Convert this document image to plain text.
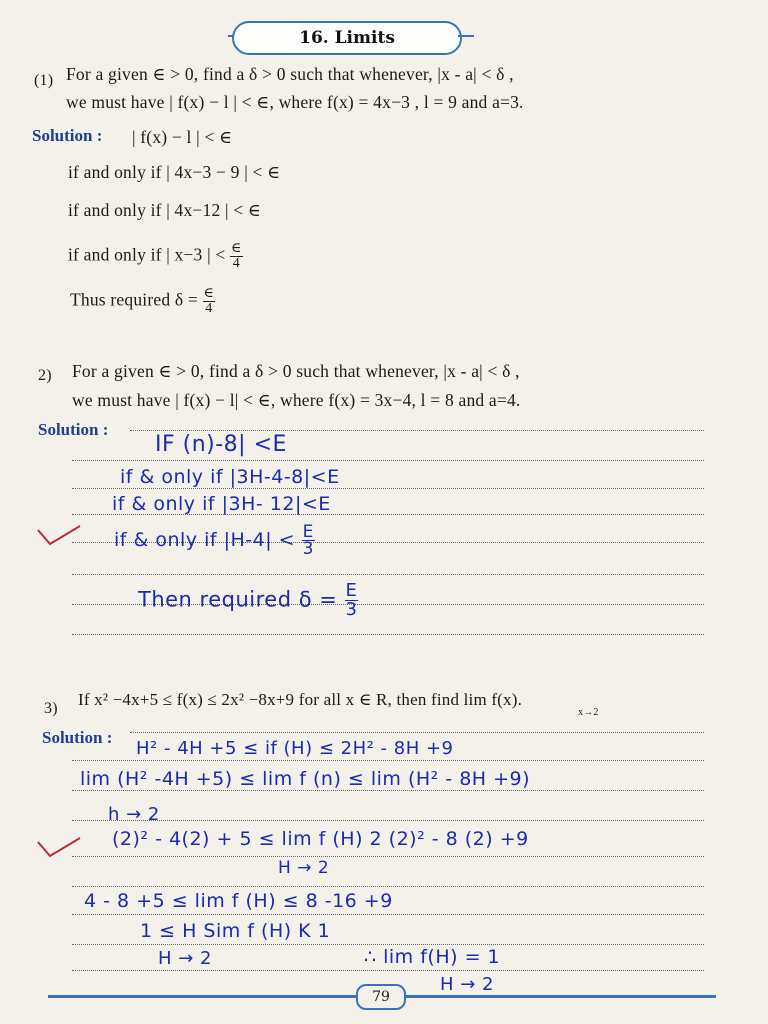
16. Limits
(1) For a given ∈ > 0, find a δ > 0 such that whenever, |x - a| < δ ,
we must have | f(x) − l | < ∈, where f(x) = 4x−3 , l = 9 and a=3.
Solution : | f(x) − l | < ∈
if and only if | 4x−3 − 9 | < ∈
if and only if | 4x−12 | < ∈
if and only if | x−3 | < $\frac{\in}{4}$
Thus required $\delta = \frac{\in}{4}$
2) For a given ∈ > 0, find a δ > 0 such that whenever, |x - a| < δ ,
we must have | f(x) − l| < ∈, where f(x) = 3x−4, l = 8 and a=4.
Solution :
IF (n)-8| <E
if & only if |3H-4-8|<E
if & only if |3H- 12|<E
if & only if $|H-4| < \frac{E}{3}$
Then required $\delta = \frac{E}{3}$
3) If x² −4x+5 ≤ f(x) ≤ 2x² −8x+9 for all x ∈ R, then find lim f(x).
x→2
Solution :
H² - 4H +5 ≤ if (H) ≤ 2H² - 8H +9
lim (H² -4H +5) ≤ lim f (n) ≤ lim (H² - 8H +9)
h → 2
(2)² - 4(2) + 5 ≤ lim f (H) 2 (2)² - 8 (2) +9
H → 2
4 - 8 +5 ≤ lim f (H) ≤ 8 -16 +9
1 ≤ H Sim f (H) K 1
H → 2	∴ lim f(H) = 1
H → 2
79
